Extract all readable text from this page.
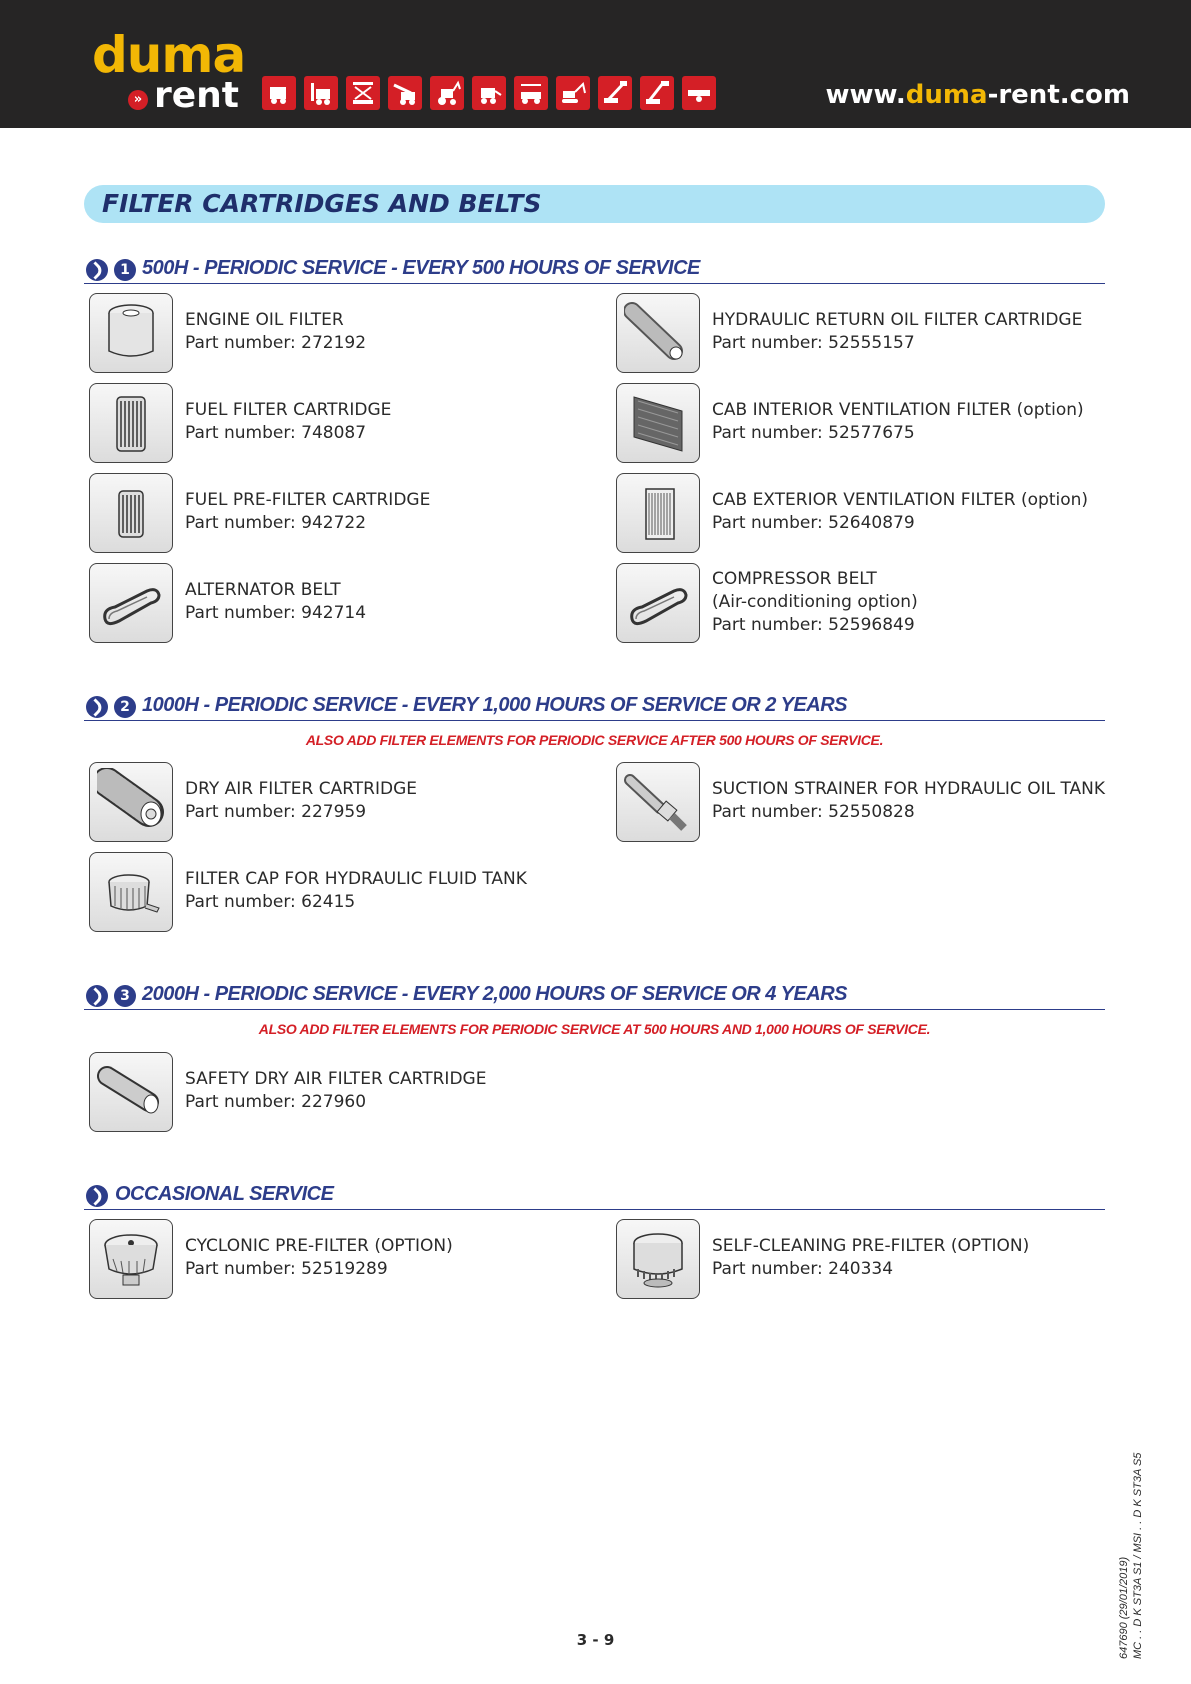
duma
» rent	www.duma-rent.com
FILTER CARTRIDGES AND BELTS
1 500H - PERIODIC SERVICE - EVERY 500 HOURS OF SERVICE
ENGINE OIL FILTER
Part number: 272192
HYDRAULIC RETURN OIL FILTER CARTRIDGE
Part number: 52555157
FUEL FILTER CARTRIDGE
Part number: 748087
CAB INTERIOR VENTILATION FILTER (option)
Part number: 52577675
FUEL PRE-FILTER CARTRIDGE
Part number: 942722
CAB EXTERIOR VENTILATION FILTER (option)
Part number: 52640879
ALTERNATOR BELT
Part number: 942714
COMPRESSOR BELT
(Air-conditioning option)
Part number: 52596849
2 1000H - PERIODIC SERVICE - EVERY 1,000 HOURS OF SERVICE OR 2 YEARS
ALSO ADD FILTER ELEMENTS FOR PERIODIC SERVICE AFTER 500 HOURS OF SERVICE.
DRY AIR FILTER CARTRIDGE
Part number: 227959
SUCTION STRAINER FOR HYDRAULIC OIL TANK
Part number: 52550828
FILTER CAP FOR HYDRAULIC FLUID TANK
Part number: 62415
3 2000H - PERIODIC SERVICE - EVERY 2,000 HOURS OF SERVICE OR 4 YEARS
ALSO ADD FILTER ELEMENTS FOR PERIODIC SERVICE AT 500 HOURS AND 1,000 HOURS OF SERVICE.
SAFETY DRY AIR FILTER CARTRIDGE
Part number: 227960
OCCASIONAL SERVICE
CYCLONIC PRE-FILTER (OPTION)
Part number: 52519289
SELF-CLEANING PRE-FILTER (OPTION)
Part number: 240334
3 - 9	647690 (29/01/2019) MC . . D K ST3A S1 / MSI . . D K ST3A S5
